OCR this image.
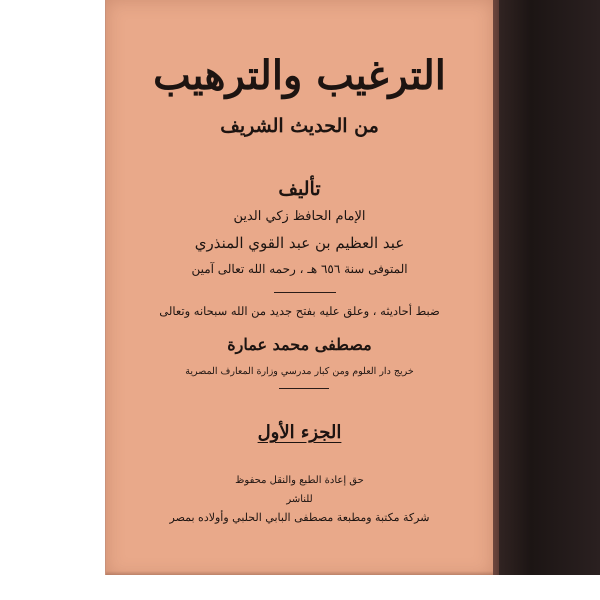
الترغيب والترهيب
من الحديث الشريف
تأليف
الإمام الحافظ زكي الدين
عبد العظيم بن عبد القوي المنذري
المتوفى سنة ٦٥٦ هـ ، رحمه الله تعالى آمين
ضبط أحاديثه ، وعلق عليه بفتح جديد من الله سبحانه وتعالى
مصطفى محمد عمارة
خريج دار العلوم ومن كبار مدرسي وزارة المعارف المصرية
الجزء الأول
حق إعادة الطبع والنقل محفوظ
للناشر
شركة مكتبة ومطبعة مصطفى البابي الحلبي وأولاده بمصر
